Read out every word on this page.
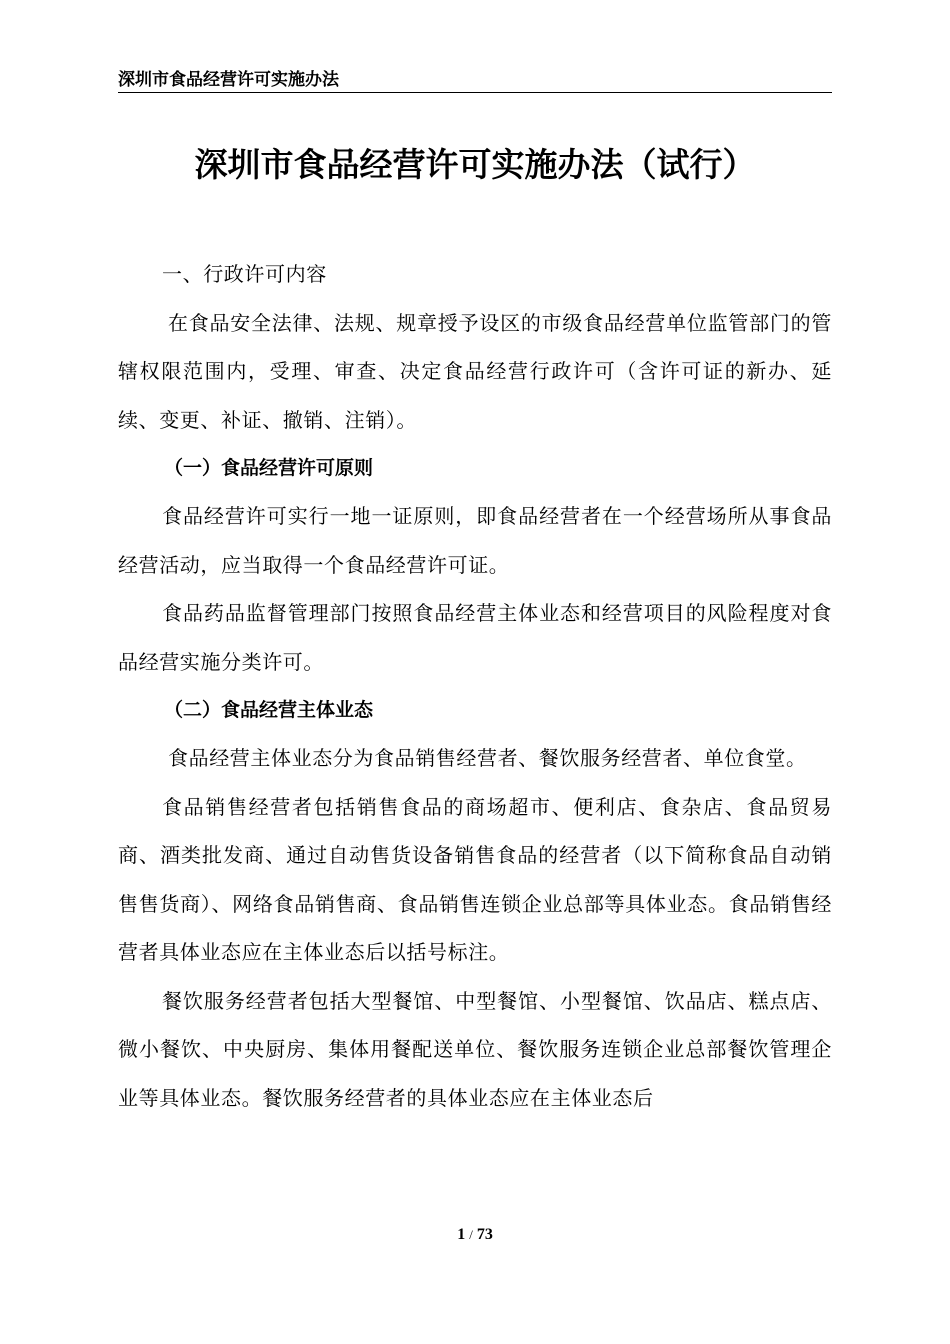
深圳市食品经营许可实施办法
深圳市食品经营许可实施办法（试行）

一、行政许可内容

在食品安全法律、法规、规章授予设区的市级食品经营单位监管部门的管辖权限范围内，受理、审查、决定食品经营行政许可（含许可证的新办、延续、变更、补证、撤销、注销）。

（一）食品经营许可原则

食品经营许可实行一地一证原则，即食品经营者在一个经营场所从事食品经营活动，应当取得一个食品经营许可证。

食品药品监督管理部门按照食品经营主体业态和经营项目的风险程度对食品经营实施分类许可。

（二）食品经营主体业态

食品经营主体业态分为食品销售经营者、餐饮服务经营者、单位食堂。

食品销售经营者包括销售食品的商场超市、便利店、食杂店、食品贸易商、酒类批发商、通过自动售货设备销售食品的经营者（以下简称食品自动销售售货商）、网络食品销售商、食品销售连锁企业总部等具体业态。食品销售经营者具体业态应在主体业态后以括号标注。

餐饮服务经营者包括大型餐馆、中型餐馆、小型餐馆、饮品店、糕点店、微小餐饮、中央厨房、集体用餐配送单位、餐饮服务连锁企业总部餐饮管理企业等具体业态。餐饮服务经营者的具体业态应在主体业态后

1 / 73
